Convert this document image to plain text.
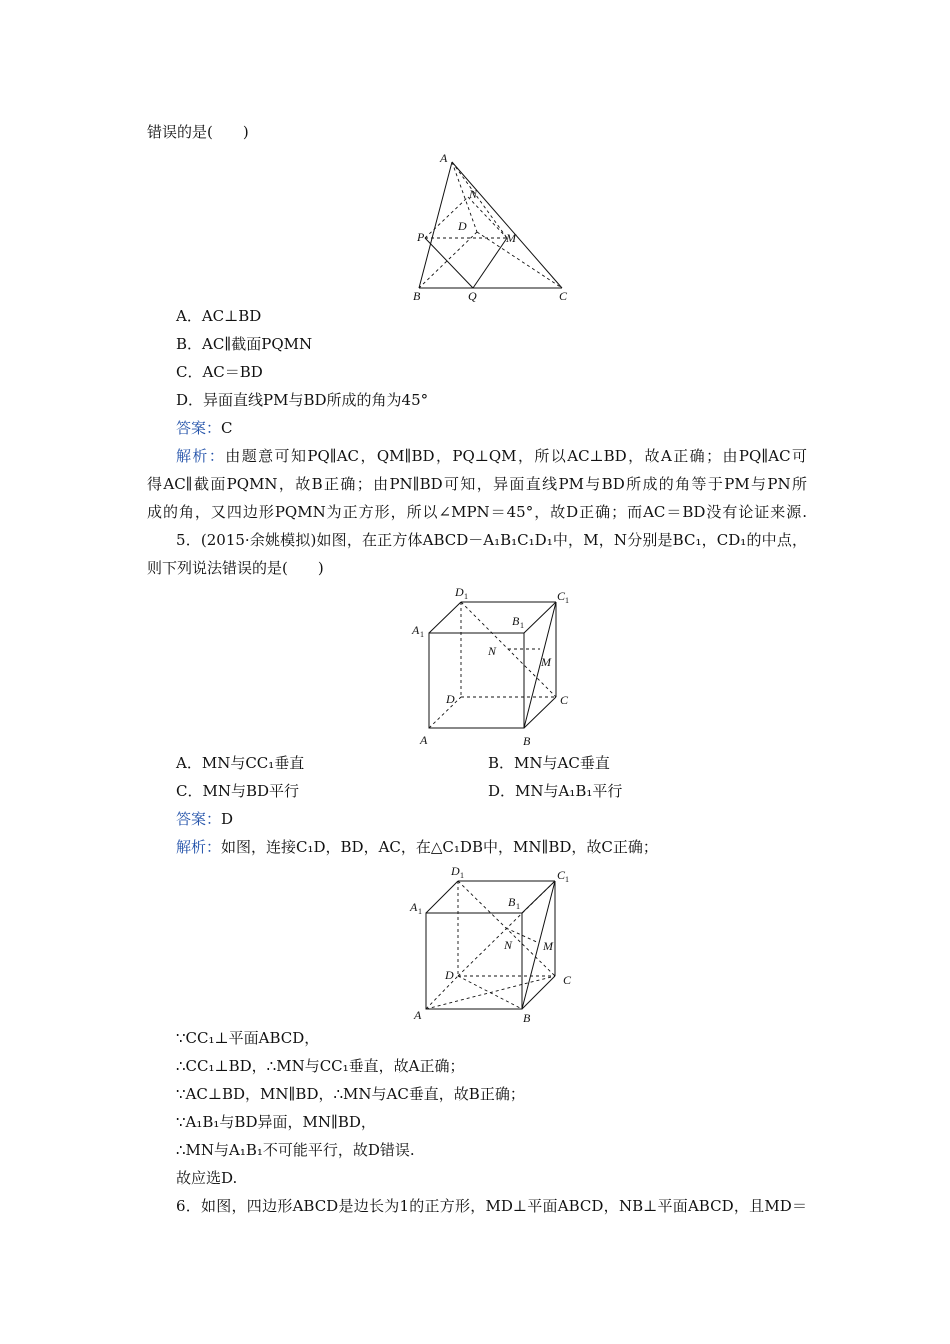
错误的是(　　)
A
N
D
P	M
B	Q	C
A．AC⊥BD
B．AC∥截面PQMN
C．AC＝BD
D．异面直线PM与BD所成的角为45°
答案：C
解析：由题意可知PQ∥AC，QM∥BD，PQ⊥QM，所以AC⊥BD，故A正确；由PQ∥AC可
得AC∥截面PQMN，故B正确；由PN∥BD可知，异面直线PM与BD所成的角等于PM与PN所
成的角，又四边形PQMN为正方形，所以∠MPN＝45°，故D正确；而AC＝BD没有论证来源.
5．(2015·余姚模拟)如图，在正方体ABCD－A₁B₁C₁D₁中，M，N分别是BC₁，CD₁的中点，
则下列说法错误的是(　　)
D 1	C 1
B 1
A 1
N
M
D	C
A	B
A．MN与CC₁垂直	B．MN与AC垂直
C．MN与BD平行	D．MN与A₁B₁平行
答案：D
解析：如图，连接C₁D，BD，AC，在△C₁DB中，MN∥BD，故C正确；
D 1	C 1
B 1
A 1
N	M
D	C
A	B
∵CC₁⊥平面ABCD，
∴CC₁⊥BD，∴MN与CC₁垂直，故A正确；
∵AC⊥BD，MN∥BD，∴MN与AC垂直，故B正确；
∵A₁B₁与BD异面，MN∥BD，
∴MN与A₁B₁不可能平行，故D错误.
故应选D.
6．如图，四边形ABCD是边长为1的正方形，MD⊥平面ABCD，NB⊥平面ABCD，且MD＝
